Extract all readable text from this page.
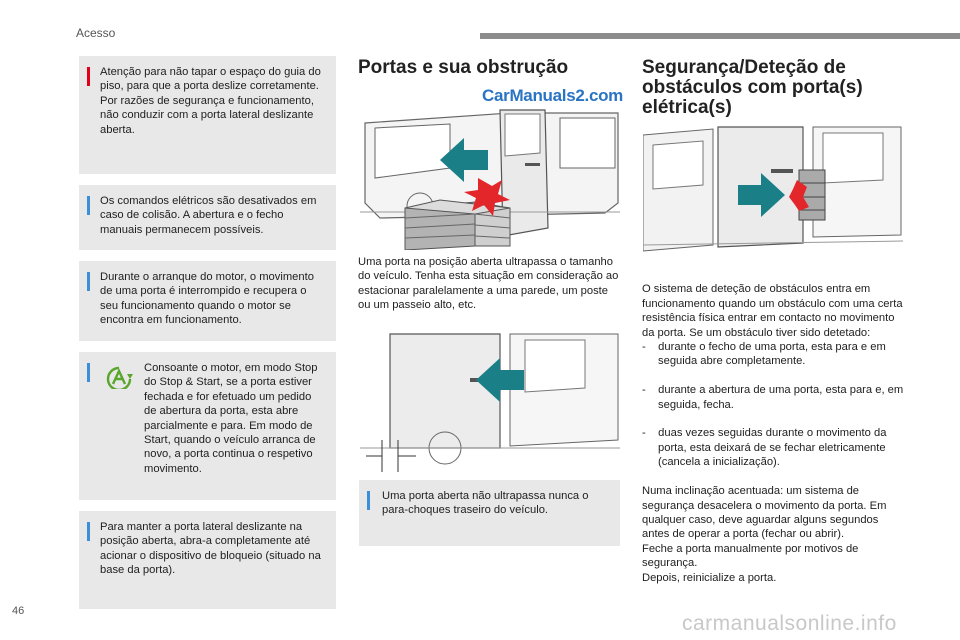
Acesso
Atenção para não tapar o espaço do guia do piso, para que a porta deslize corretamente.
Por razões de segurança e funcionamento, não conduzir com a porta lateral deslizante aberta.
Os comandos elétricos são desativados em caso de colisão. A abertura e o fecho manuais permanecem possíveis.
Durante o arranque do motor, o movimento de uma porta é interrompido e recupera o seu funcionamento quando o motor se encontra em funcionamento.
Consoante o motor, em modo Stop do Stop & Start, se a porta estiver fechada e for efetuado um pedido de abertura da porta, esta abre parcialmente e para. Em modo de Start, quando o veículo arranca de novo, a porta continua o respetivo movimento.
Para manter a porta lateral deslizante na posição aberta, abra-a completamente até acionar o dispositivo de bloqueio (situado na base da porta).
Portas e sua obstrução
CarManuals2.com
Uma porta na posição aberta ultrapassa o tamanho do veículo. Tenha esta situação em consideração ao estacionar paralelamente a uma parede, um poste ou um passeio alto, etc.
Uma porta aberta não ultrapassa nunca o para-choques traseiro do veículo.
Segurança/Deteção de
obstáculos com porta(s)
elétrica(s)

O sistema de deteção de obstáculos entra em funcionamento quando um obstáculo com uma certa resistência física entrar em contacto no movimento da porta. Se um obstáculo tiver sido detetado:

-    durante o fecho de uma porta, esta para e em seguida abre completamente.

-    durante a abertura de uma porta, esta para e, em seguida, fecha.

-    duas vezes seguidas durante o movimento da porta, esta deixará de se fechar eletricamente (cancela a inicialização).

Numa inclinação acentuada: um sistema de segurança desacelera o movimento da porta. Em qualquer caso, deve aguardar alguns segundos antes de operar a porta (fechar ou abrir).
Feche a porta manualmente por motivos de segurança.
Depois, reinicialize a porta.

46
carmanualsonline.info
